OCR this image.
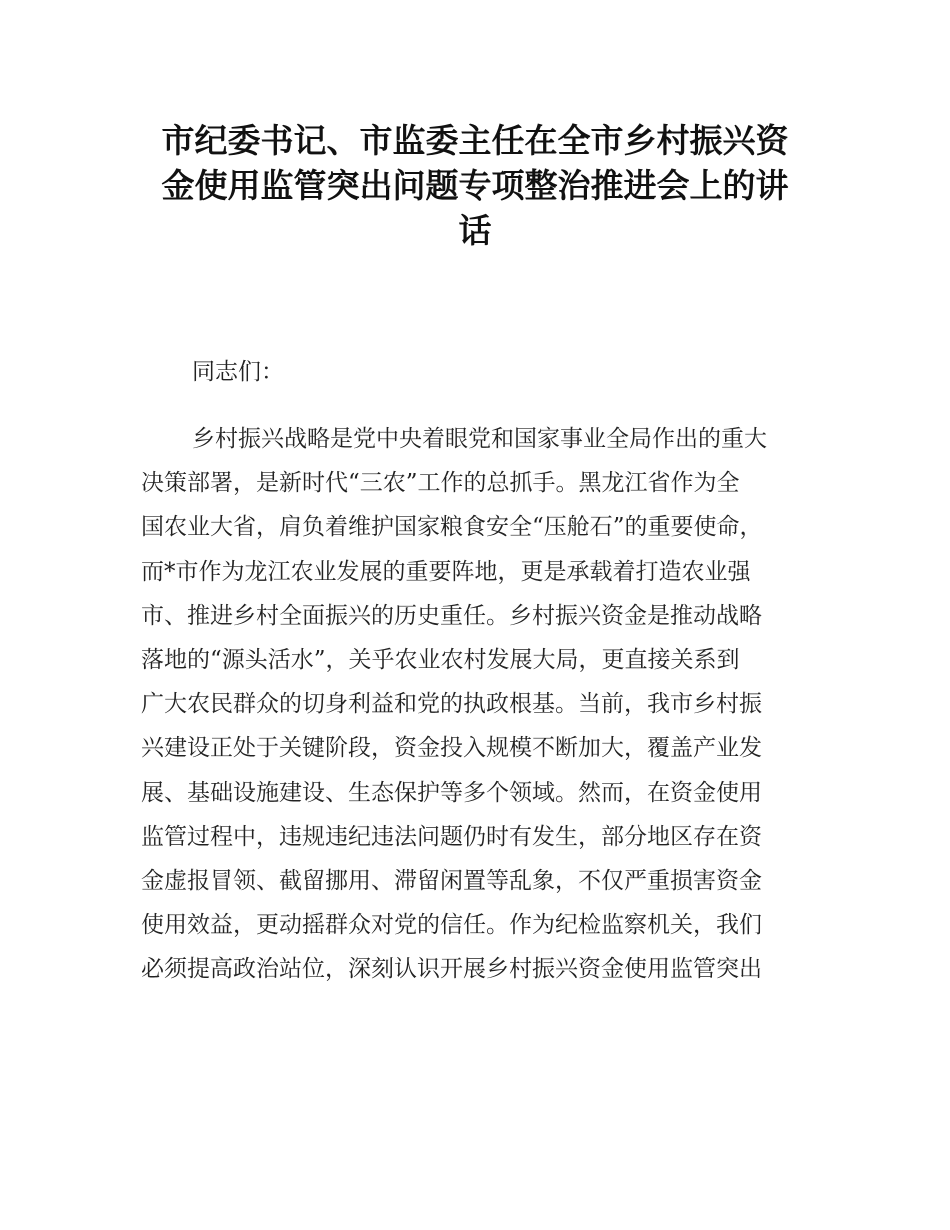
市纪委书记、市监委主任在全市乡村振兴资
金使用监管突出问题专项整治推进会上的讲
话
同志们：
乡村振兴战略是党中央着眼党和国家事业全局作出的重大
决策部署，是新时代“三农”工作的总抓手。黑龙江省作为全
国农业大省，肩负着维护国家粮食安全“压舱石”的重要使命，
而*市作为龙江农业发展的重要阵地，更是承载着打造农业强
市、推进乡村全面振兴的历史重任。乡村振兴资金是推动战略
落地的“源头活水”，关乎农业农村发展大局，更直接关系到
广大农民群众的切身利益和党的执政根基。当前，我市乡村振
兴建设正处于关键阶段，资金投入规模不断加大，覆盖产业发
展、基础设施建设、生态保护等多个领域。然而，在资金使用
监管过程中，违规违纪违法问题仍时有发生，部分地区存在资
金虚报冒领、截留挪用、滞留闲置等乱象，不仅严重损害资金
使用效益，更动摇群众对党的信任。作为纪检监察机关，我们
必须提高政治站位，深刻认识开展乡村振兴资金使用监管突出
